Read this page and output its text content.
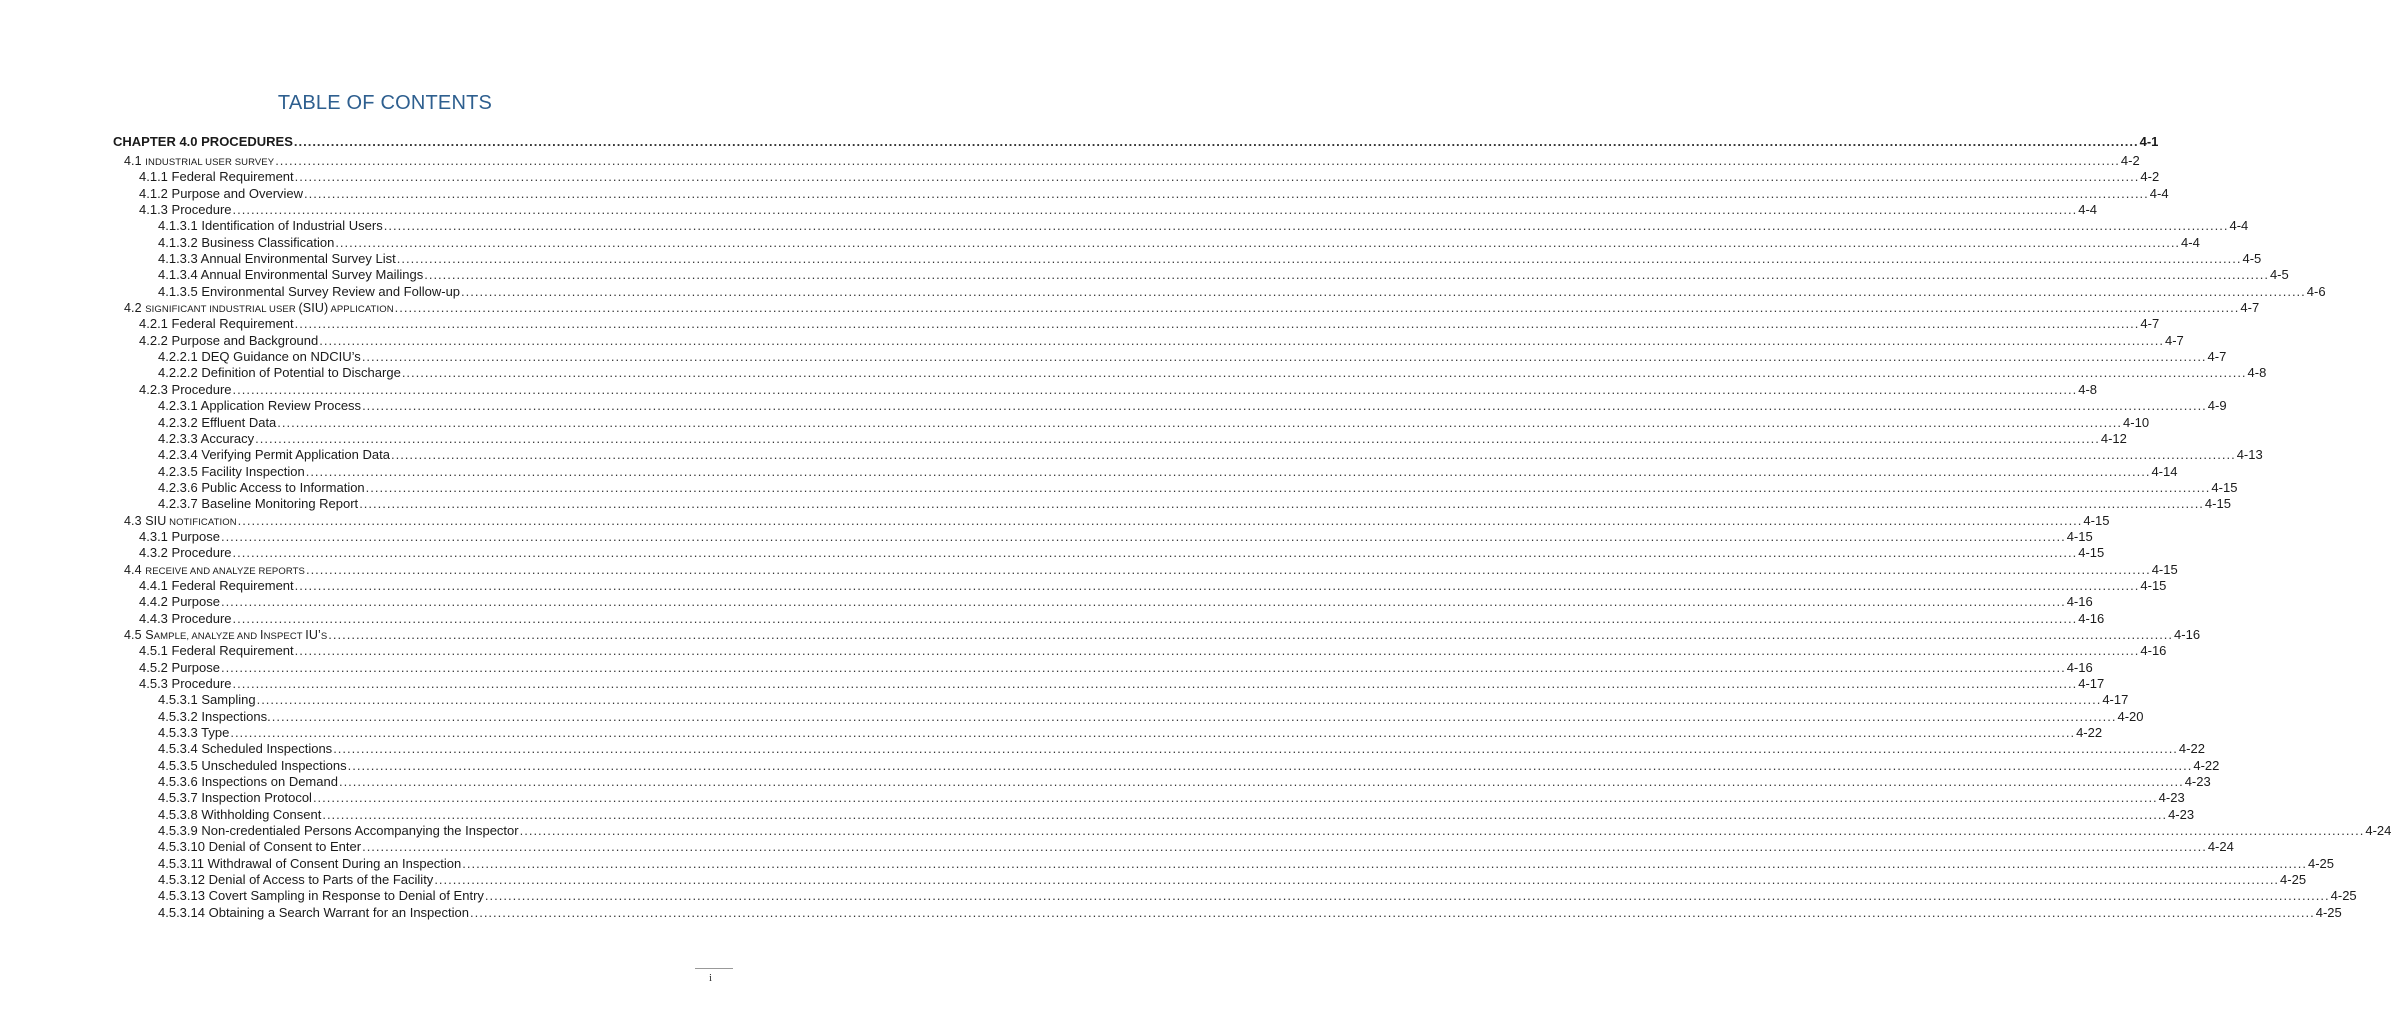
TABLE OF CONTENTS
CHAPTER 4.0 PROCEDURES ................................................................................................................................................................................................................................................................................................................................................................................................................ 4-1
4.1 INDUSTRIAL USER SURVEY ................................................................................................................................................................................................................................................................................................................................................................................................................ 4-2
4.1.1 Federal Requirement ................................................................................................................................................................................................................................................................................................................................................................................................................ 4-2
4.1.2 Purpose and Overview ................................................................................................................................................................................................................................................................................................................................................................................................................ 4-4
4.1.3 Procedure ................................................................................................................................................................................................................................................................................................................................................................................................................ 4-4
4.1.3.1 Identification of Industrial Users ................................................................................................................................................................................................................................................................................................................................................................................................................ 4-4
4.1.3.2 Business Classification ................................................................................................................................................................................................................................................................................................................................................................................................................ 4-4
4.1.3.3 Annual Environmental Survey List ................................................................................................................................................................................................................................................................................................................................................................................................................ 4-5
4.1.3.4 Annual Environmental Survey Mailings ................................................................................................................................................................................................................................................................................................................................................................................................................ 4-5
4.1.3.5 Environmental Survey Review and Follow-up ................................................................................................................................................................................................................................................................................................................................................................................................................ 4-6
4.2 SIGNIFICANT INDUSTRIAL USER (SIU) APPLICATION ................................................................................................................................................................................................................................................................................................................................................................................................................ 4-7
4.2.1 Federal Requirement ................................................................................................................................................................................................................................................................................................................................................................................................................ 4-7
4.2.2 Purpose and Background ................................................................................................................................................................................................................................................................................................................................................................................................................ 4-7
4.2.2.1 DEQ Guidance on NDCIU’s ................................................................................................................................................................................................................................................................................................................................................................................................................ 4-7
4.2.2.2 Definition of Potential to Discharge ................................................................................................................................................................................................................................................................................................................................................................................................................ 4-8
4.2.3 Procedure ................................................................................................................................................................................................................................................................................................................................................................................................................ 4-8
4.2.3.1 Application Review Process ................................................................................................................................................................................................................................................................................................................................................................................................................ 4-9
4.2.3.2 Effluent Data ................................................................................................................................................................................................................................................................................................................................................................................................................ 4-10
4.2.3.3 Accuracy ................................................................................................................................................................................................................................................................................................................................................................................................................ 4-12
4.2.3.4 Verifying Permit Application Data ................................................................................................................................................................................................................................................................................................................................................................................................................ 4-13
4.2.3.5 Facility Inspection ................................................................................................................................................................................................................................................................................................................................................................................................................ 4-14
4.2.3.6 Public Access to Information ................................................................................................................................................................................................................................................................................................................................................................................................................ 4-15
4.2.3.7 Baseline Monitoring Report ................................................................................................................................................................................................................................................................................................................................................................................................................ 4-15
4.3 SIU NOTIFICATION ................................................................................................................................................................................................................................................................................................................................................................................................................ 4-15
4.3.1 Purpose ................................................................................................................................................................................................................................................................................................................................................................................................................ 4-15
4.3.2 Procedure ................................................................................................................................................................................................................................................................................................................................................................................................................ 4-15
4.4 RECEIVE AND ANALYZE REPORTS ................................................................................................................................................................................................................................................................................................................................................................................................................ 4-15
4.4.1 Federal Requirement ................................................................................................................................................................................................................................................................................................................................................................................................................ 4-15
4.4.2 Purpose ................................................................................................................................................................................................................................................................................................................................................................................................................ 4-16
4.4.3 Procedure ................................................................................................................................................................................................................................................................................................................................................................................................................ 4-16
4.5 SAMPLE, ANALYZE AND INSPECT IU’S ................................................................................................................................................................................................................................................................................................................................................................................................................ 4-16
4.5.1 Federal Requirement ................................................................................................................................................................................................................................................................................................................................................................................................................ 4-16
4.5.2 Purpose ................................................................................................................................................................................................................................................................................................................................................................................................................ 4-16
4.5.3 Procedure ................................................................................................................................................................................................................................................................................................................................................................................................................ 4-17
4.5.3.1 Sampling ................................................................................................................................................................................................................................................................................................................................................................................................................ 4-17
4.5.3.2 Inspections. ................................................................................................................................................................................................................................................................................................................................................................................................................ 4-20
4.5.3.3 Type ................................................................................................................................................................................................................................................................................................................................................................................................................ 4-22
4.5.3.4 Scheduled Inspections ................................................................................................................................................................................................................................................................................................................................................................................................................ 4-22
4.5.3.5 Unscheduled Inspections ................................................................................................................................................................................................................................................................................................................................................................................................................ 4-22
4.5.3.6 Inspections on Demand ................................................................................................................................................................................................................................................................................................................................................................................................................ 4-23
4.5.3.7 Inspection Protocol ................................................................................................................................................................................................................................................................................................................................................................................................................ 4-23
4.5.3.8 Withholding Consent ................................................................................................................................................................................................................................................................................................................................................................................................................ 4-23
4.5.3.9 Non-credentialed Persons Accompanying the Inspector ................................................................................................................................................................................................................................................................................................................................................................................................................ 4-24
4.5.3.10 Denial of Consent to Enter ................................................................................................................................................................................................................................................................................................................................................................................................................ 4-24
4.5.3.11 Withdrawal of Consent During an Inspection ................................................................................................................................................................................................................................................................................................................................................................................................................ 4-25
4.5.3.12 Denial of Access to Parts of the Facility ................................................................................................................................................................................................................................................................................................................................................................................................................ 4-25
4.5.3.13 Covert Sampling in Response to Denial of Entry ................................................................................................................................................................................................................................................................................................................................................................................................................ 4-25
4.5.3.14 Obtaining a Search Warrant for an Inspection ................................................................................................................................................................................................................................................................................................................................................................................................................ 4-25
i
